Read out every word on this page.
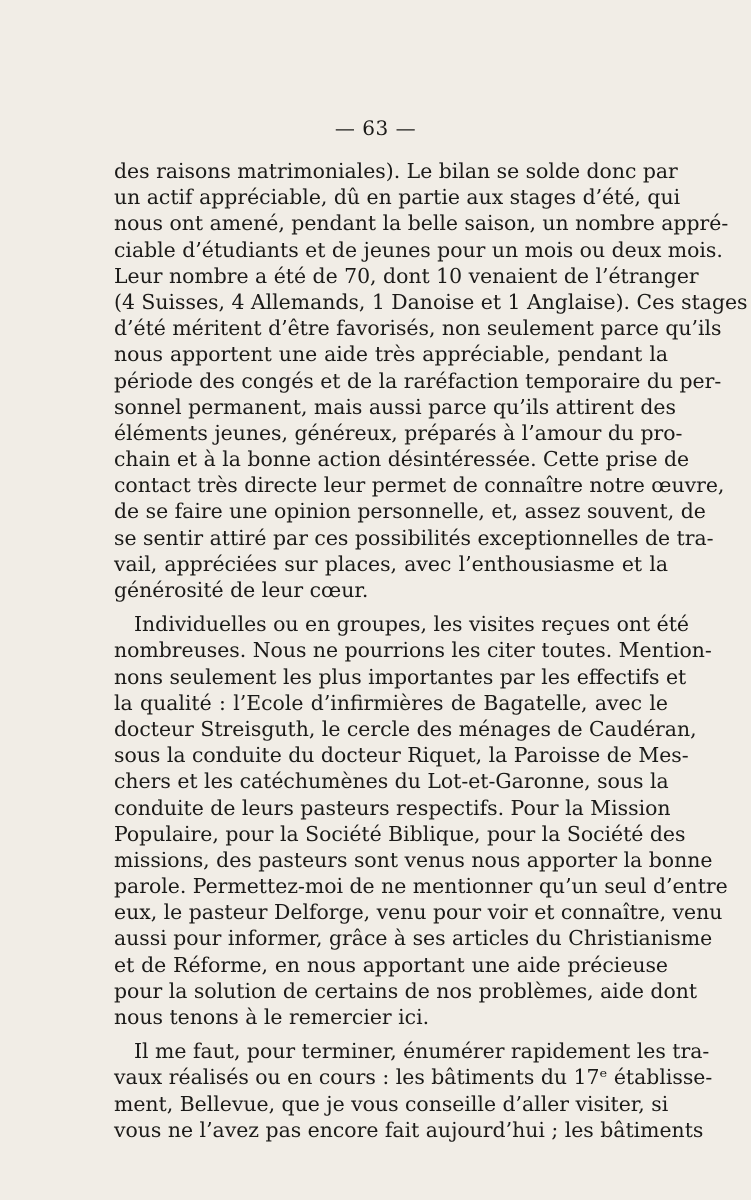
— 63 —

des raisons matrimoniales). Le bilan se solde donc par
un actif appréciable, dû en partie aux stages d’été, qui
nous ont amené, pendant la belle saison, un nombre appré-
ciable d’étudiants et de jeunes pour un mois ou deux mois.
Leur nombre a été de 70, dont 10 venaient de l’étranger
(4 Suisses, 4 Allemands, 1 Danoise et 1 Anglaise). Ces stages
d’été méritent d’être favorisés, non seulement parce qu’ils
nous apportent une aide très appréciable, pendant la
période des congés et de la raréfaction temporaire du per-
sonnel permanent, mais aussi parce qu’ils attirent des
éléments jeunes, généreux, préparés à l’amour du pro-
chain et à la bonne action désintéressée. Cette prise de
contact très directe leur permet de connaître notre œuvre,
de se faire une opinion personnelle, et, assez souvent, de
se sentir attiré par ces possibilités exceptionnelles de tra-
vail, appréciées sur places, avec l’enthousiasme et la
générosité de leur cœur.

Individuelles ou en groupes, les visites reçues ont été
nombreuses. Nous ne pourrions les citer toutes. Mention-
nons seulement les plus importantes par les effectifs et
la qualité : l’Ecole d’infirmières de Bagatelle, avec le
docteur Streisguth, le cercle des ménages de Caudéran,
sous la conduite du docteur Riquet, la Paroisse de Mes-
chers et les catéchumènes du Lot-et-Garonne, sous la
conduite de leurs pasteurs respectifs. Pour la Mission
Populaire, pour la Société Biblique, pour la Société des
missions, des pasteurs sont venus nous apporter la bonne
parole. Permettez-moi de ne mentionner qu’un seul d’entre
eux, le pasteur Delforge, venu pour voir et connaître, venu
aussi pour informer, grâce à ses articles du Christianisme
et de Réforme, en nous apportant une aide précieuse
pour la solution de certains de nos problèmes, aide dont
nous tenons à le remercier ici.

Il me faut, pour terminer, énumérer rapidement les tra-
vaux réalisés ou en cours : les bâtiments du 17ᵉ établisse-
ment, Bellevue, que je vous conseille d’aller visiter, si
vous ne l’avez pas encore fait aujourd’hui ; les bâtiments
